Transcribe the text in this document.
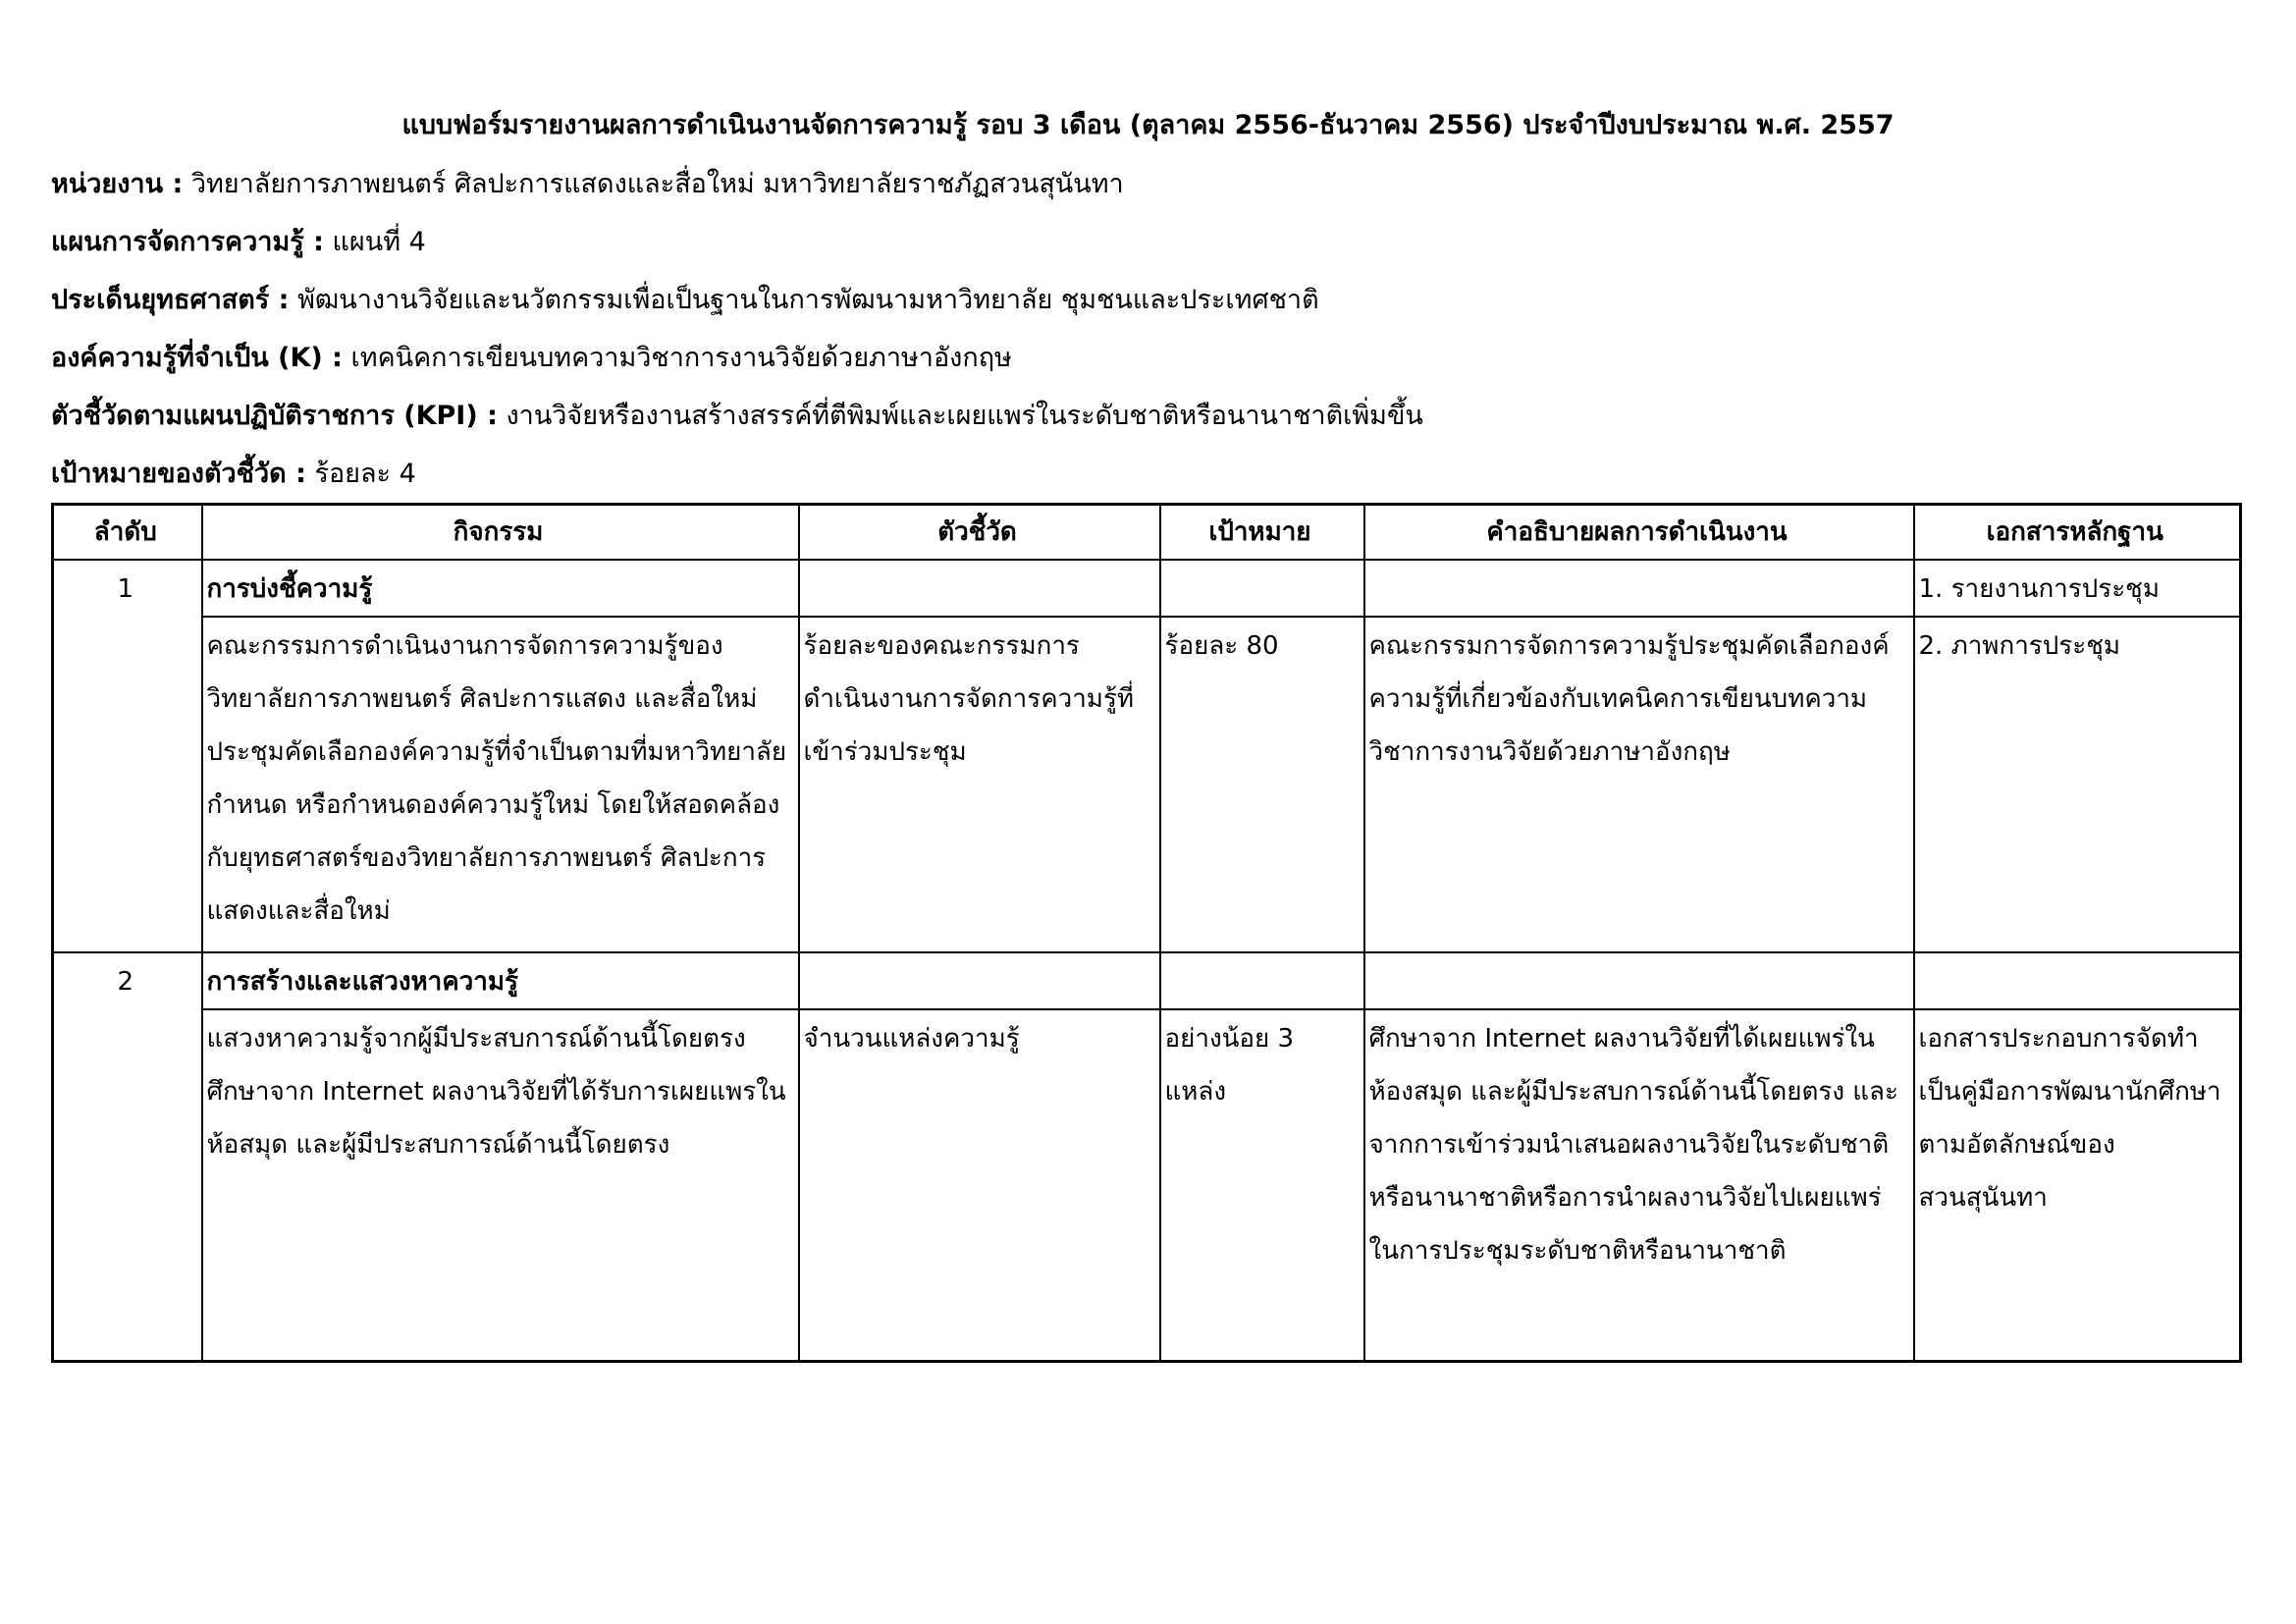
แบบฟอร์มรายงานผลการดำเนินงานจัดการความรู้ รอบ 3 เดือน (ตุลาคม 2556-ธันวาคม 2556) ประจำปีงบประมาณ พ.ศ. 2557
หน่วยงาน : วิทยาลัยการภาพยนตร์ ศิลปะการแสดงและสื่อใหม่ มหาวิทยาลัยราชภัฏสวนสุนันทา
แผนการจัดการความรู้ : แผนที่ 4
ประเด็นยุทธศาสตร์ : พัฒนางานวิจัยและนวัตกรรมเพื่อเป็นฐานในการพัฒนามหาวิทยาลัย ชุมชนและประเทศชาติ
องค์ความรู้ที่จำเป็น (K) : เทคนิคการเขียนบทความวิชาการงานวิจัยด้วยภาษาอังกฤษ
ตัวชี้วัดตามแผนปฏิบัติราชการ (KPI) : งานวิจัยหรืองานสร้างสรรค์ที่ตีพิมพ์และเผยแพร่ในระดับชาติหรือนานาชาติเพิ่มขึ้น
เป้าหมายของตัวชี้วัด : ร้อยละ 4
ลำดับ	กิจกรรม	ตัวชี้วัด	เป้าหมาย	คำอธิบายผลการดำเนินงาน	เอกสารหลักฐาน
1	การบ่งชี้ความรู้				1. รายงานการประชุม
	คณะกรรมการดำเนินงานการจัดการความรู้ของวิทยาลัยการภาพยนตร์ ศิลปะการแสดง และสื่อใหม่ประชุมคัดเลือกองค์ความรู้ที่จำเป็นตามที่มหาวิทยาลัยกำหนด หรือกำหนดองค์ความรู้ใหม่ โดยให้สอดคล้องกับยุทธศาสตร์ของวิทยาลัยการภาพยนตร์ ศิลปะการแสดงและสื่อใหม่	ร้อยละของคณะกรรมการดำเนินงานการจัดการความรู้ที่เข้าร่วมประชุม	ร้อยละ 80	คณะกรรมการจัดการความรู้ประชุมคัดเลือกองค์ความรู้ที่เกี่ยวข้องกับเทคนิคการเขียนบทความวิชาการงานวิจัยด้วยภาษาอังกฤษ	2. ภาพการประชุม
2	การสร้างและแสวงหาความรู้				
	แสวงหาความรู้จากผู้มีประสบการณ์ด้านนี้โดยตรง ศึกษาจาก Internet ผลงานวิจัยที่ได้รับการเผยแพรในห้อสมุด และผู้มีประสบการณ์ด้านนี้โดยตรง	จำนวนแหล่งความรู้	อย่างน้อย 3 แหล่ง	ศึกษาจาก Internet ผลงานวิจัยที่ได้เผยแพร่ในห้องสมุด และผู้มีประสบการณ์ด้านนี้โดยตรง และจากการเข้าร่วมนำเสนอผลงานวิจัยในระดับชาติหรือนานาชาติหรือการนำผลงานวิจัยไปเผยแพร่ในการประชุมระดับชาติหรือนานาชาติ	เอกสารประกอบการจัดทำเป็นคู่มือการพัฒนานักศึกษาตามอัตลักษณ์ของสวนสุนันทา
